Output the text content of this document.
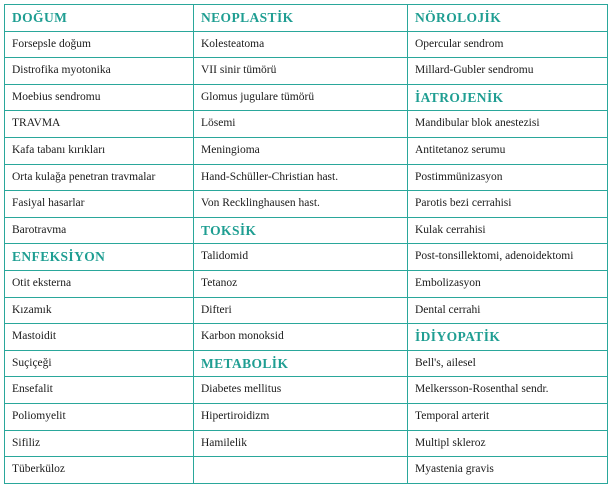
DOĞUM	NEOPLASTİK	NÖROLOJİK
Forsepsle doğum	Kolesteatoma	Opercular sendrom
Distrofika myotonika	VII sinir tümörü	Millard-Gubler sendromu
Moebius sendromu	Glomus jugulare tümörü	İATROJENİK
TRAVMA	Lösemi	Mandibular blok anestezisi
Kafa tabanı kırıkları	Meningioma	Antitetanoz serumu
Orta kulağa penetran travmalar	Hand-Schüller-Christian hast.	Postimmünizasyon
Fasiyal hasarlar	Von Recklinghausen hast.	Parotis bezi cerrahisi
Barotravma	TOKSİK	Kulak cerrahisi
ENFEKSİYON	Talidomid	Post-tonsillektomi, adenoidektomi
Otit eksterna	Tetanoz	Embolizasyon
Kızamık	Difteri	Dental cerrahi
Mastoidit	Karbon monoksid	İDİYOPATİK
Suçiçeği	METABOLİK	Bell's, ailesel
Ensefalit	Diabetes mellitus	Melkersson-Rosenthal sendr.
Poliomyelit	Hipertiroidizm	Temporal arterit
Sifiliz	Hamilelik	Multipl skleroz
Tüberküloz		Myastenia gravis
